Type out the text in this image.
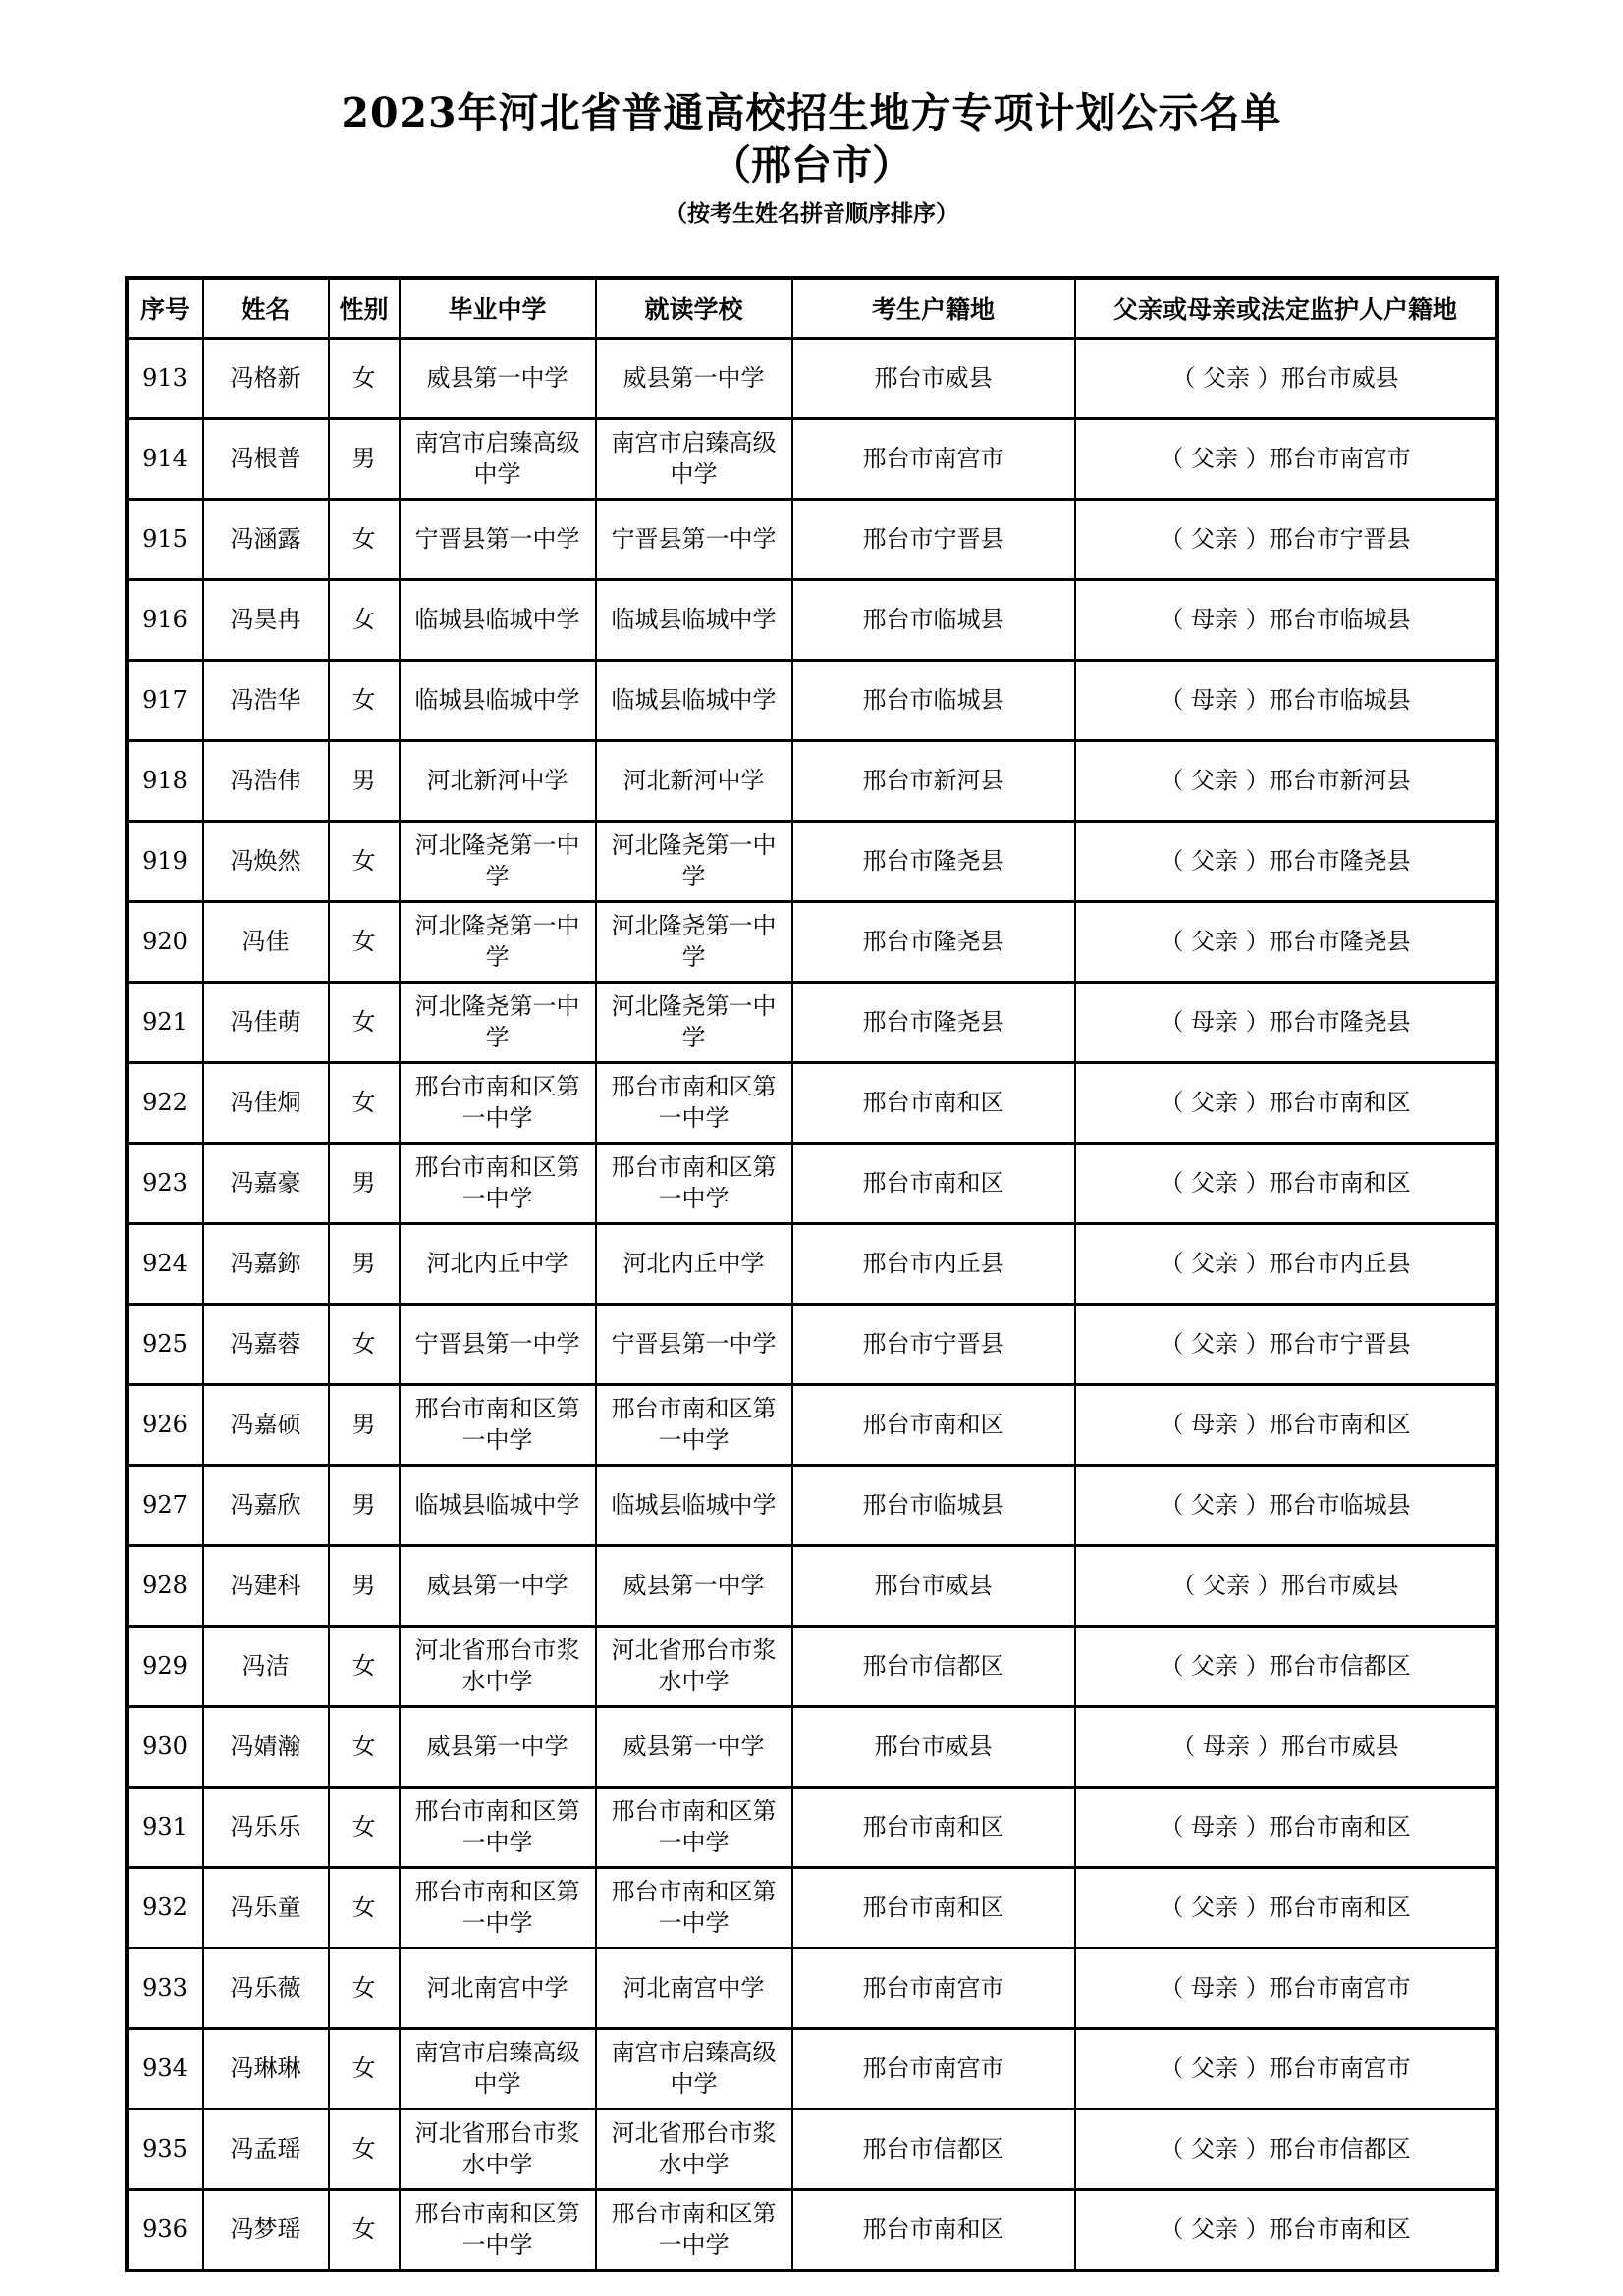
2023年河北省普通高校招生地方专项计划公示名单
（邢台市）
（按考生姓名拼音顺序排序）
序号	姓名	性别	毕业中学	就读学校	考生户籍地	父亲或母亲或法定监护人户籍地
913	冯格新	女	威县第一中学	威县第一中学	邢台市威县	（ 父亲 ）邢台市威县
914	冯根普	男	南宫市启臻高级中学	南宫市启臻高级中学	邢台市南宫市	（ 父亲 ）邢台市南宫市
915	冯涵露	女	宁晋县第一中学	宁晋县第一中学	邢台市宁晋县	（ 父亲 ）邢台市宁晋县
916	冯昊冉	女	临城县临城中学	临城县临城中学	邢台市临城县	（ 母亲 ）邢台市临城县
917	冯浩华	女	临城县临城中学	临城县临城中学	邢台市临城县	（ 母亲 ）邢台市临城县
918	冯浩伟	男	河北新河中学	河北新河中学	邢台市新河县	（ 父亲 ）邢台市新河县
919	冯焕然	女	河北隆尧第一中学	河北隆尧第一中学	邢台市隆尧县	（ 父亲 ）邢台市隆尧县
920	冯佳	女	河北隆尧第一中学	河北隆尧第一中学	邢台市隆尧县	（ 父亲 ）邢台市隆尧县
921	冯佳萌	女	河北隆尧第一中学	河北隆尧第一中学	邢台市隆尧县	（ 母亲 ）邢台市隆尧县
922	冯佳烔	女	邢台市南和区第一中学	邢台市南和区第一中学	邢台市南和区	（ 父亲 ）邢台市南和区
923	冯嘉豪	男	邢台市南和区第一中学	邢台市南和区第一中学	邢台市南和区	（ 父亲 ）邢台市南和区
924	冯嘉鉨	男	河北内丘中学	河北内丘中学	邢台市内丘县	（ 父亲 ）邢台市内丘县
925	冯嘉蓉	女	宁晋县第一中学	宁晋县第一中学	邢台市宁晋县	（ 父亲 ）邢台市宁晋县
926	冯嘉硕	男	邢台市南和区第一中学	邢台市南和区第一中学	邢台市南和区	（ 母亲 ）邢台市南和区
927	冯嘉欣	男	临城县临城中学	临城县临城中学	邢台市临城县	（ 父亲 ）邢台市临城县
928	冯建科	男	威县第一中学	威县第一中学	邢台市威县	（ 父亲 ）邢台市威县
929	冯洁	女	河北省邢台市浆水中学	河北省邢台市浆水中学	邢台市信都区	（ 父亲 ）邢台市信都区
930	冯婧瀚	女	威县第一中学	威县第一中学	邢台市威县	（ 母亲 ）邢台市威县
931	冯乐乐	女	邢台市南和区第一中学	邢台市南和区第一中学	邢台市南和区	（ 母亲 ）邢台市南和区
932	冯乐童	女	邢台市南和区第一中学	邢台市南和区第一中学	邢台市南和区	（ 父亲 ）邢台市南和区
933	冯乐薇	女	河北南宫中学	河北南宫中学	邢台市南宫市	（ 母亲 ）邢台市南宫市
934	冯琳琳	女	南宫市启臻高级中学	南宫市启臻高级中学	邢台市南宫市	（ 父亲 ）邢台市南宫市
935	冯孟瑶	女	河北省邢台市浆水中学	河北省邢台市浆水中学	邢台市信都区	（ 父亲 ）邢台市信都区
936	冯梦瑶	女	邢台市南和区第一中学	邢台市南和区第一中学	邢台市南和区	（ 父亲 ）邢台市南和区
